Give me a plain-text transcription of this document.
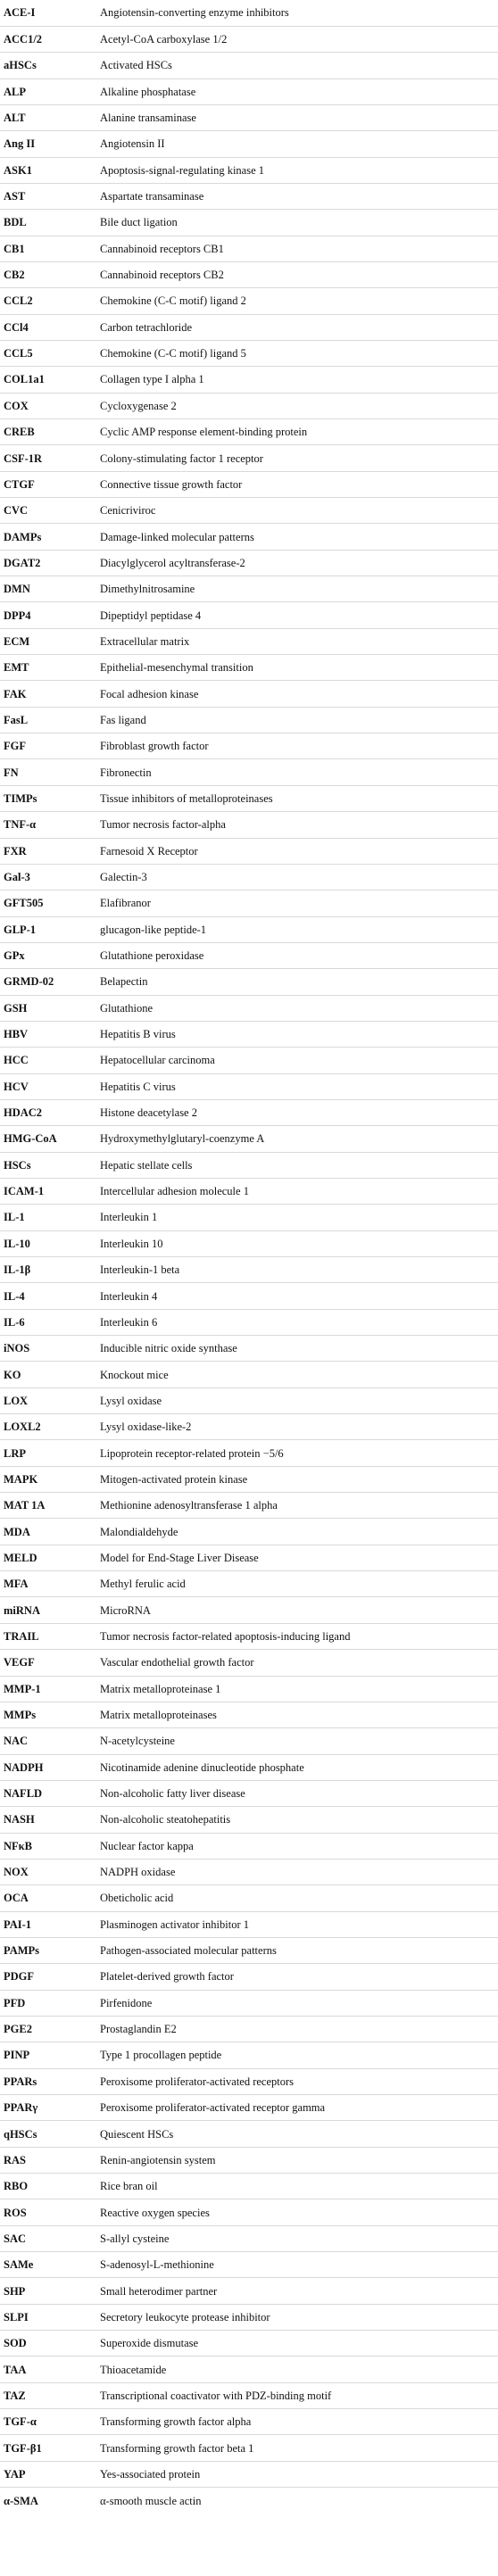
ACE-I	Angiotensin-converting enzyme inhibitors
ACC1/2	Acetyl-CoA carboxylase 1/2
aHSCs	Activated HSCs
ALP	Alkaline phosphatase
ALT	Alanine transaminase
Ang II	Angiotensin II
ASK1	Apoptosis-signal-regulating kinase 1
AST	Aspartate transaminase
BDL	Bile duct ligation
CB1	Cannabinoid receptors CB1
CB2	Cannabinoid receptors CB2
CCL2	Chemokine (C-C motif) ligand 2
CCl4	Carbon tetrachloride
CCL5	Chemokine (C-C motif) ligand 5
COL1a1	Collagen type I alpha 1
COX	Cycloxygenase 2
CREB	Cyclic AMP response element-binding protein
CSF-1R	Colony-stimulating factor 1 receptor
CTGF	Connective tissue growth factor
CVC	Cenicriviroc
DAMPs	Damage-linked molecular patterns
DGAT2	Diacylglycerol acyltransferase-2
DMN	Dimethylnitrosamine
DPP4	Dipeptidyl peptidase 4
ECM	Extracellular matrix
EMT	Epithelial-mesenchymal transition
FAK	Focal adhesion kinase
FasL	Fas ligand
FGF	Fibroblast growth factor
FN	Fibronectin
TIMPs	Tissue inhibitors of metalloproteinases
TNF-α	Tumor necrosis factor-alpha
FXR	Farnesoid X Receptor
Gal-3	Galectin-3
GFT505	Elafibranor
GLP-1	glucagon-like peptide-1
GPx	Glutathione peroxidase
GRMD-02	Belapectin
GSH	Glutathione
HBV	Hepatitis B virus
HCC	Hepatocellular carcinoma
HCV	Hepatitis C virus
HDAC2	Histone deacetylase 2
HMG-CoA	Hydroxymethylglutaryl-coenzyme A
HSCs	Hepatic stellate cells
ICAM-1	Intercellular adhesion molecule 1
IL-1	Interleukin 1
IL-10	Interleukin 10
IL-1β	Interleukin-1 beta
IL-4	Interleukin 4
IL-6	Interleukin 6
iNOS	Inducible nitric oxide synthase
KO	Knockout mice
LOX	Lysyl oxidase
LOXL2	Lysyl oxidase-like-2
LRP	Lipoprotein receptor-related protein −5/6
MAPK	Mitogen-activated protein kinase
MAT 1A	Methionine adenosyltransferase 1 alpha
MDA	Malondialdehyde
MELD	Model for End-Stage Liver Disease
MFA	Methyl ferulic acid
miRNA	MicroRNA
TRAIL	Tumor necrosis factor-related apoptosis-inducing ligand
VEGF	Vascular endothelial growth factor
MMP-1	Matrix metalloproteinase 1
MMPs	Matrix metalloproteinases
NAC	N-acetylcysteine
NADPH	Nicotinamide adenine dinucleotide phosphate
NAFLD	Non-alcoholic fatty liver disease
NASH	Non-alcoholic steatohepatitis
NFκB	Nuclear factor kappa
NOX	NADPH oxidase
OCA	Obeticholic acid
PAI-1	Plasminogen activator inhibitor 1
PAMPs	Pathogen-associated molecular patterns
PDGF	Platelet-derived growth factor
PFD	Pirfenidone
PGE2	Prostaglandin E2
PINP	Type 1 procollagen peptide
PPARs	Peroxisome proliferator-activated receptors
PPARγ	Peroxisome proliferator-activated receptor gamma
qHSCs	Quiescent HSCs
RAS	Renin-angiotensin system
RBO	Rice bran oil
ROS	Reactive oxygen species
SAC	S-allyl cysteine
SAMe	S-adenosyl-L-methionine
SHP	Small heterodimer partner
SLPI	Secretory leukocyte protease inhibitor
SOD	Superoxide dismutase
TAA	Thioacetamide
TAZ	Transcriptional coactivator with PDZ-binding motif
TGF-α	Transforming growth factor alpha
TGF-β1	Transforming growth factor beta 1
YAP	Yes-associated protein
α-SMA	α-smooth muscle actin
